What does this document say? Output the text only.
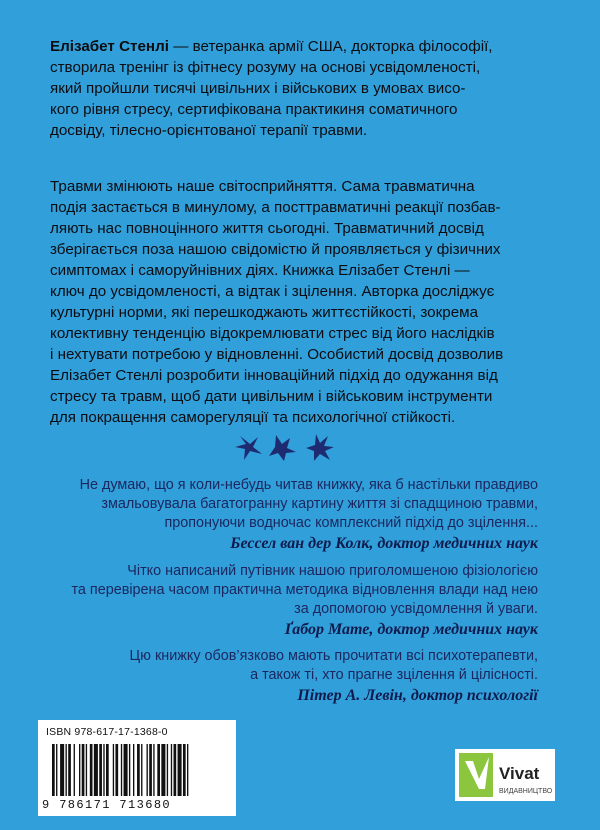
Елізабет Стенлі — ветеранка армії США, докторка філософії,
створила тренінг із фітнесу розуму на основі усвідомленості,
який пройшли тисячі цивільних і військових в умовах висо-
кого рівня стресу, сертифікована практикиня соматичного
досвіду, тілесно-орієнтованої терапії травми.
Травми змінюють наше світосприйняття. Сама травматична
подія застається в минулому, а посттравматичні реакції позбав-
ляють нас повноцінного життя сьогодні. Травматичний досвід
зберігається поза нашою свідомістю й проявляється у фізичних
симптомах і саморуйнівних діях. Книжка Елізабет Стенлі —
ключ до усвідомленості, а відтак і зцілення. Авторка досліджує
культурні норми, які перешкоджають життєстійкості, зокрема
колективну тенденцію відокремлювати стрес від його наслідків
і нехтувати потребою у відновленні. Особистий досвід дозволив
Елізабет Стенлі розробити інноваційний підхід до одужання від
стресу та травм, щоб дати цивільним і військовим інструменти
для покращення саморегуляції та психологічної стійкості.
Не думаю, що я коли-небудь читав книжку, яка б настільки правдиво
змальовувала багатогранну картину життя зі спадщиною травми,
пропонуючи водночас комплексний підхід до зцілення...
Бессел ван дер Колк, доктор медичних наук
Чітко написаний путівник нашою приголомшеною фізіологією
та перевірена часом практична методика відновлення влади над нею
за допомогою усвідомлення й уваги.
Ґабор Мате, доктор медичних наук
Цю книжку обов’язково мають прочитати всі психотерапевти,
а також ті, хто прагне зцілення й цілісності.
Пітер А. Левін, доктор психології
ISBN 978-617-17-1368-0
9 786171 713680
Vivat
ВИДАВНИЦТВО
